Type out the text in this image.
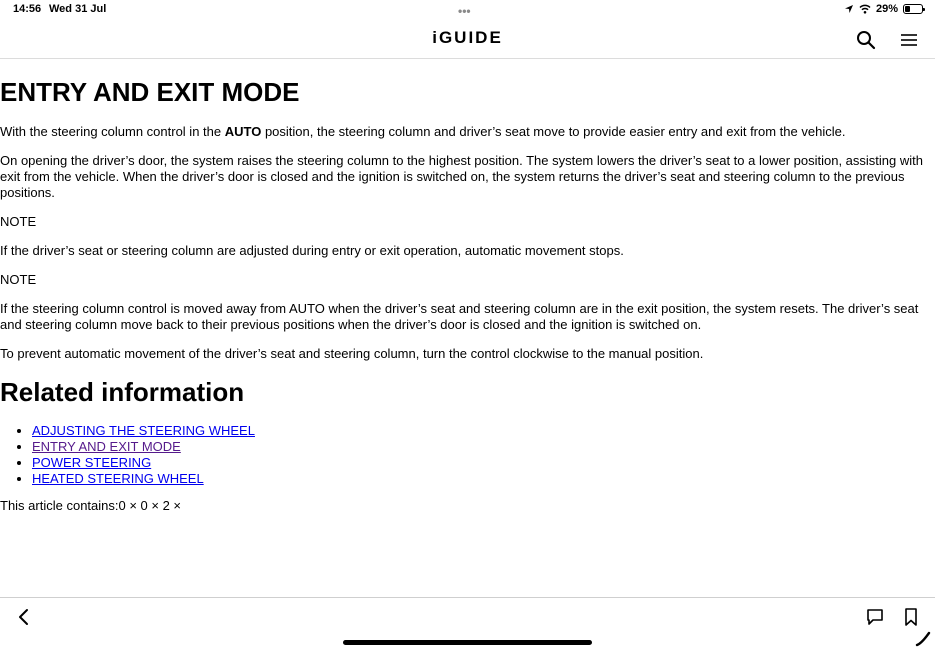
14:56 Wed 31 Jul	•••	29%
iGUIDE
ENTRY AND EXIT MODE

With the steering column control in the AUTO position, the steering column and driver’s seat move to provide easier entry and exit from the vehicle.

On opening the driver’s door, the system raises the steering column to the highest position. The system lowers the driver’s seat to a lower position, assisting with exit from the vehicle. When the driver’s door is closed and the ignition is switched on, the system returns the driver’s seat and steering column to the previous positions.

NOTE

If the driver’s seat or steering column are adjusted during entry or exit operation, automatic movement stops.

NOTE

If the steering column control is moved away from AUTO when the driver’s seat and steering column are in the exit position, the system resets. The driver’s seat and steering column move back to their previous positions when the driver’s door is closed and the ignition is switched on.

To prevent automatic movement of the driver’s seat and steering column, turn the control clockwise to the manual position.

Related information
• ADJUSTING THE STEERING WHEEL
• ENTRY AND EXIT MODE
• POWER STEERING
• HEATED STEERING WHEEL

This article contains:0 × 0 × 2 ×
